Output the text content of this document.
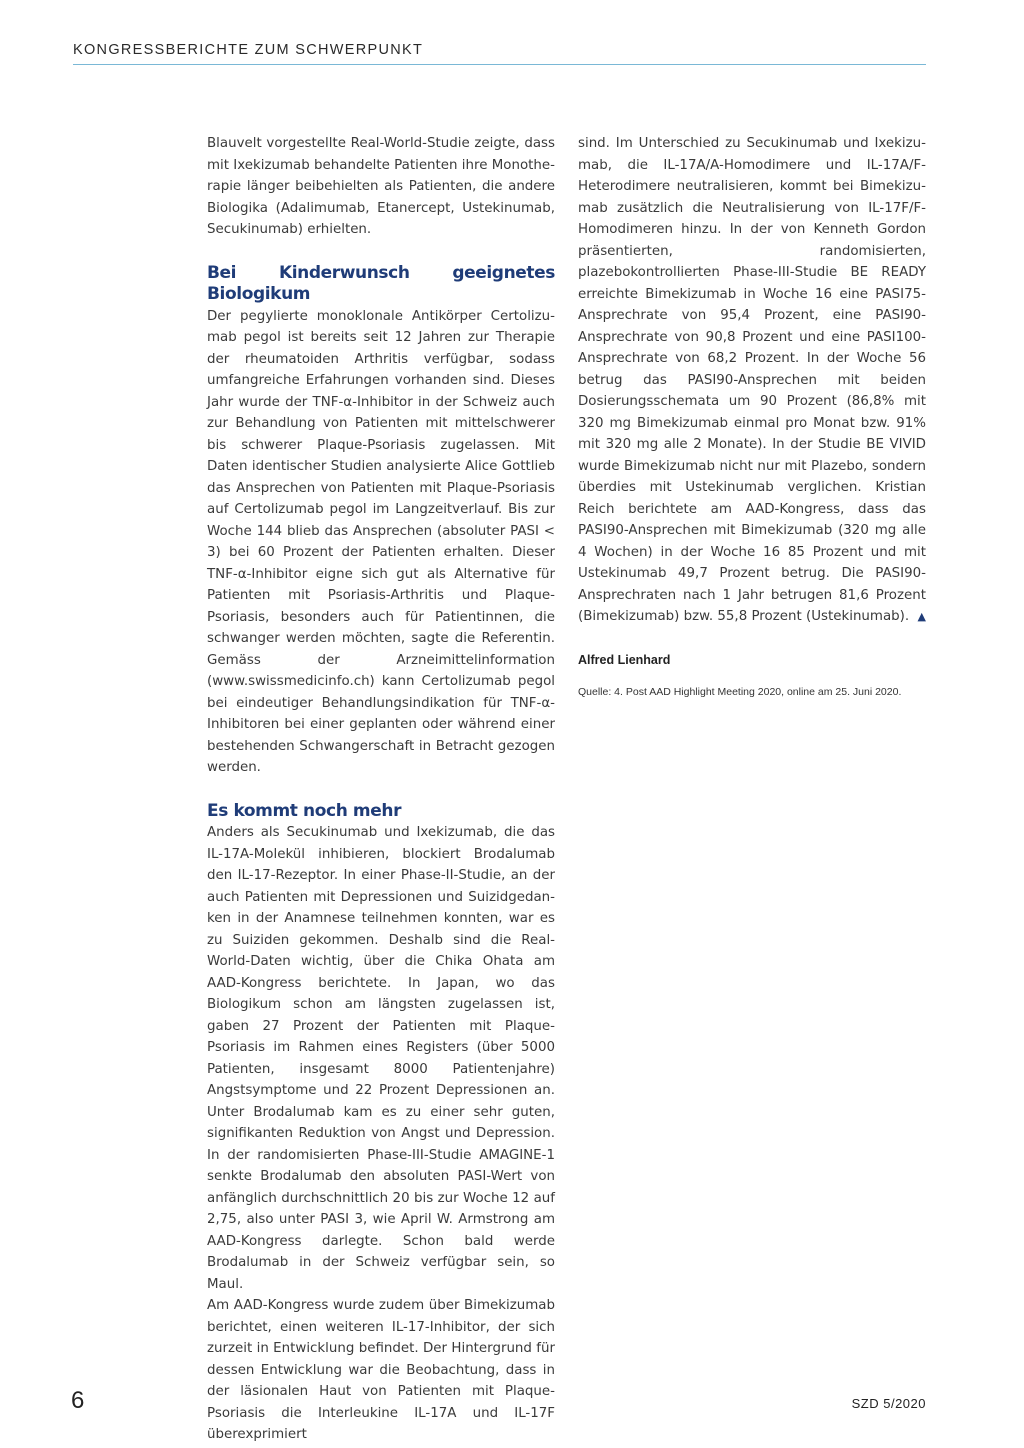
KONGRESSBERICHTE ZUM SCHWERPUNKT

Blauvelt vorgestellte Real-World-Studie zeigte, dass mit Ixekizumab behandelte Patienten ihre Monotherapie länger beibehielten als Patienten, die andere Biologika (Adalimumab, Etanercept, Ustekinumab, Secukinumab) erhielten.

Bei Kinderwunsch geeignetes Biologikum

Der pegylierte monoklonale Antikörper Certolizumab pegol ist bereits seit 12 Jahren zur Therapie der rheumatoiden Arthritis verfügbar, sodass umfangreiche Erfahrungen vorhanden sind. Dieses Jahr wurde der TNF-α-Inhibitor in der Schweiz auch zur Behandlung von Patienten mit mittelschwerer bis schwerer Plaque-Psoriasis zugelassen. Mit Daten identischer Studien analysierte Alice Gottlieb das Ansprechen von Patienten mit Plaque-Psoriasis auf Certolizumab pegol im Langzeitverlauf. Bis zur Woche 144 blieb das Ansprechen (absoluter PASI < 3) bei 60 Prozent der Patienten erhalten. Dieser TNF-α-Inhibitor eigne sich gut als Alternative für Patienten mit Psoriasis-Arthritis und Plaque-Psoriasis, besonders auch für Patientinnen, die schwanger werden möchten, sagte die Referentin. Gemäss der Arzneimittelinformation (www.swissmedicinfo.ch) kann Certolizumab pegol bei eindeutiger Behandlungsindikation für TNF-α-Inhibitoren bei einer geplanten oder während einer bestehenden Schwangerschaft in Betracht gezogen werden.

Es kommt noch mehr

Anders als Secukinumab und Ixekizumab, die das IL-17A-Molekül inhibieren, blockiert Brodalumab den IL-17-Rezeptor. In einer Phase-II-Studie, an der auch Patienten mit Depressionen und Suizidgedanken in der Anamnese teilnehmen konnten, war es zu Suiziden gekommen. Deshalb sind die Real-World-Daten wichtig, über die Chika Ohata am AAD-Kongress berichtete. In Japan, wo das Biologikum schon am längsten zugelassen ist, gaben 27 Prozent der Patienten mit Plaque-Psoriasis im Rahmen eines Registers (über 5000 Patienten, insgesamt 8000 Patientenjahre) Angstsymptome und 22 Prozent Depressionen an. Unter Brodalumab kam es zu einer sehr guten, signifikanten Reduktion von Angst und Depression. In der randomisierten Phase-III-Studie AMAGINE-1 senkte Brodalumab den absoluten PASI-Wert von anfänglich durchschnittlich 20 bis zur Woche 12 auf 2,75, also unter PASI 3, wie April W. Armstrong am AAD-Kongress darlegte. Schon bald werde Brodalumab in der Schweiz verfügbar sein, so Maul.

Am AAD-Kongress wurde zudem über Bimekizumab berichtet, einen weiteren IL-17-Inhibitor, der sich zurzeit in Entwicklung befindet. Der Hintergrund für dessen Entwicklung war die Beobachtung, dass in der läsionalen Haut von Patienten mit Plaque-Psoriasis die Interleukine IL-17A und IL-17F überexprimiert

sind. Im Unterschied zu Secukinumab und Ixekizumab, die IL-17A/A-Homodimere und IL-17A/F-Heterodimere neutralisieren, kommt bei Bimekizumab zusätzlich die Neutralisierung von IL-17F/F-Homodimeren hinzu. In der von Kenneth Gordon präsentierten, randomisierten, plazebokontrollierten Phase-III-Studie BE READY erreichte Bimekizumab in Woche 16 eine PASI75-Ansprechrate von 95,4 Prozent, eine PASI90-Ansprechrate von 90,8 Prozent und eine PASI100-Ansprechrate von 68,2 Prozent. In der Woche 56 betrug das PASI90-Ansprechen mit beiden Dosierungsschemata um 90 Prozent (86,8% mit 320 mg Bimekizumab einmal pro Monat bzw. 91% mit 320 mg alle 2 Monate). In der Studie BE VIVID wurde Bimekizumab nicht nur mit Plazebo, sondern überdies mit Ustekinumab verglichen. Kristian Reich berichtete am AAD-Kongress, dass das PASI90-Ansprechen mit Bimekizumab (320 mg alle 4 Wochen) in der Woche 16 85 Prozent und mit Ustekinumab 49,7 Prozent betrug. Die PASI90-Ansprechraten nach 1 Jahr betrugen 81,6 Prozent (Bimekizumab) bzw. 55,8 Prozent (Ustekinumab). ▲
Alfred Lienhard
Quelle: 4. Post AAD Highlight Meeting 2020, online am 25. Juni 2020.
6	SZD 5/2020
